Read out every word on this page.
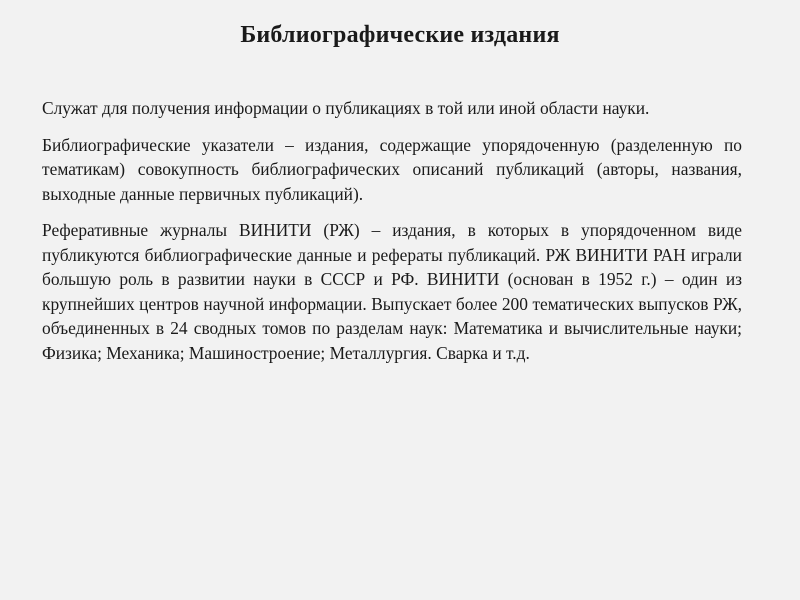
Библиографические издания

Служат для получения информации о публикациях в той или иной области науки.

Библиографические указатели – издания, содержащие упорядоченную (разделенную по тематикам) совокупность библиографических описаний публикаций (авторы, названия, выходные данные первичных публикаций).

Реферативные журналы ВИНИТИ (РЖ) – издания, в которых в упорядоченном виде публикуются библиографические данные и рефераты публикаций. РЖ ВИНИТИ РАН играли большую роль в развитии науки в СССР и РФ. ВИНИТИ (основан в 1952 г.) – один из крупнейших центров научной информации. Выпускает более 200 тематических выпусков РЖ, объединенных в 24 сводных томов по разделам наук: Математика и вычислительные науки; Физика; Механика; Машиностроение; Металлургия. Сварка и т.д.
